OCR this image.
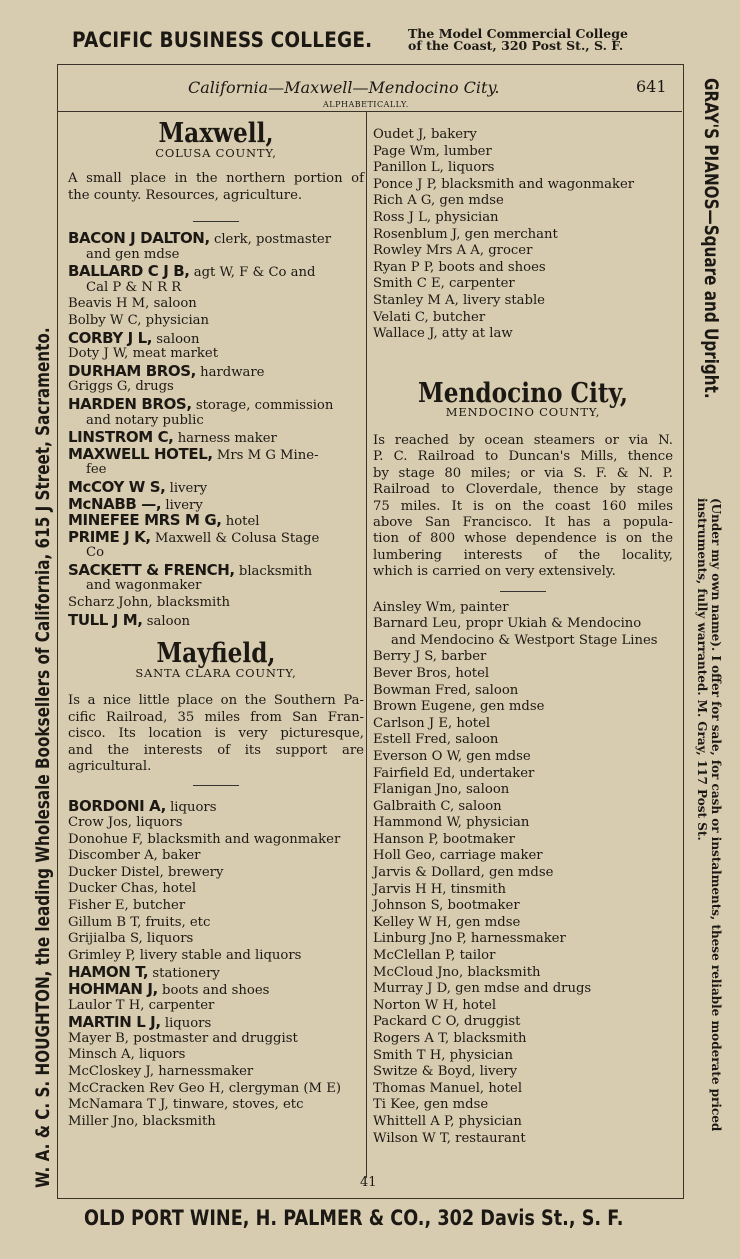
PACIFIC BUSINESS COLLEGE.	The Model Commercial College
of the Coast, 320 Post St., S. F.
W. A. & C. S. HOUGHTON, the leading Wholesale Booksellers of California, 615 J Street, Sacramento.
GRAY'S PIANOS—Square and Upright.
(Under my own name). I offer for sale, for cash or instalments, these reliable moderate priced instruments, fully warranted. M. Gray, 117 Post St.
California—Maxwell—Mendocino City.	641
ALPHABETICALLY.
Maxwell,
COLUSA COUNTY,
A small place in the northern portion of
the county. Resources, agriculture.
BACON J DALTON, clerk, postmaster
and gen mdse
BALLARD C J B, agt W, F & Co and
Cal P & N R R
Beavis H M, saloon
Bolby W C, physician
CORBY J L, saloon
Doty J W, meat market
DURHAM BROS, hardware
Griggs G, drugs
HARDEN BROS, storage, commission
and notary public
LINSTROM C, harness maker
MAXWELL HOTEL, Mrs M G Mine-
fee
McCOY W S, livery
McNABB —, livery
MINEFEE MRS M G, hotel
PRIME J K, Maxwell & Colusa Stage
Co
SACKETT & FRENCH, blacksmith
and wagonmaker
Scharz John, blacksmith
TULL J M, saloon
Mayfield,
SANTA CLARA COUNTY,
Is a nice little place on the Southern Pa-
cific Railroad, 35 miles from San Fran-
cisco. Its location is very picturesque,
and the interests of its support are
agricultural.
BORDONI A, liquors
Crow Jos, liquors
Donohue F, blacksmith and wagonmaker
Discomber A, baker
Ducker Distel, brewery
Ducker Chas, hotel
Fisher E, butcher
Gillum B T, fruits, etc
Grijialba S, liquors
Grimley P, livery stable and liquors
HAMON T, stationery
HOHMAN J, boots and shoes
Laulor T H, carpenter
MARTIN L J, liquors
Mayer B, postmaster and druggist
Minsch A, liquors
McCloskey J, harnessmaker
McCracken Rev Geo H, clergyman (M E)
McNamara T J, tinware, stoves, etc
Miller Jno, blacksmith
Oudet J, bakery
Page Wm, lumber
Panillon L, liquors
Ponce J P, blacksmith and wagonmaker
Rich A G, gen mdse
Ross J L, physician
Rosenblum J, gen merchant
Rowley Mrs A A, grocer
Ryan P P, boots and shoes
Smith C E, carpenter
Stanley M A, livery stable
Velati C, butcher
Wallace J, atty at law
Mendocino City,
MENDOCINO COUNTY,
Is reached by ocean steamers or via N.
P. C. Railroad to Duncan's Mills, thence
by stage 80 miles; or via S. F. & N. P.
Railroad to Cloverdale, thence by stage
75 miles. It is on the coast 160 miles
above San Francisco. It has a popula-
tion of 800 whose dependence is on the
lumbering interests of the locality,
which is carried on very extensively.
Ainsley Wm, painter
Barnard Leu, propr Ukiah & Mendocino
and Mendocino & Westport Stage Lines
Berry J S, barber
Bever Bros, hotel
Bowman Fred, saloon
Brown Eugene, gen mdse
Carlson J E, hotel
Estell Fred, saloon
Everson O W, gen mdse
Fairfield Ed, undertaker
Flanigan Jno, saloon
Galbraith C, saloon
Hammond W, physician
Hanson P, bootmaker
Holl Geo, carriage maker
Jarvis & Dollard, gen mdse
Jarvis H H, tinsmith
Johnson S, bootmaker
Kelley W H, gen mdse
Linburg Jno P, harnessmaker
McClellan P, tailor
McCloud Jno, blacksmith
Murray J D, gen mdse and drugs
Norton W H, hotel
Packard C O, druggist
Rogers A T, blacksmith
Smith T H, physician
Switze & Boyd, livery
Thomas Manuel, hotel
Ti Kee, gen mdse
Whittell A P, physician
Wilson W T, restaurant
41
OLD PORT WINE, H. PALMER & CO., 302 Davis St., S. F.
